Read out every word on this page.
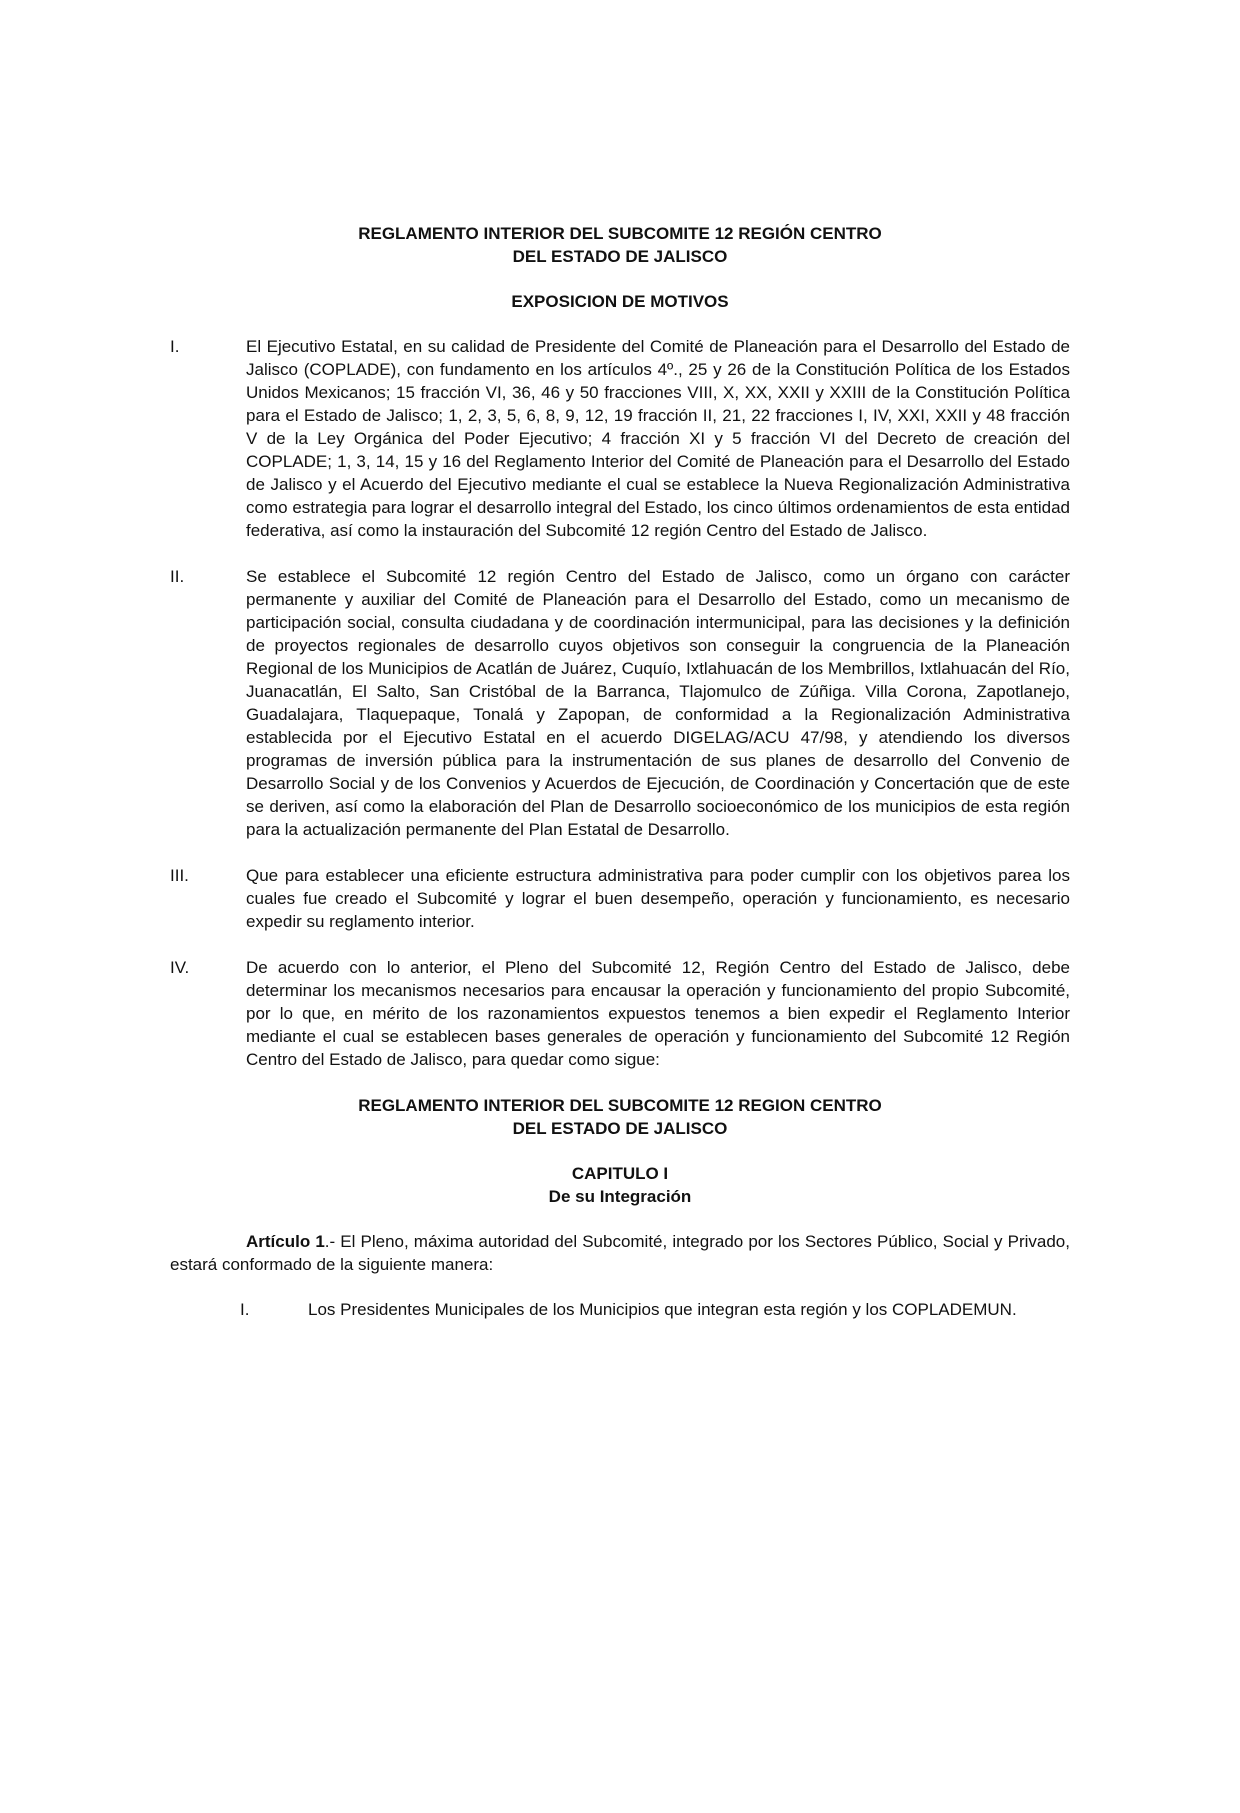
REGLAMENTO INTERIOR DEL SUBCOMITE 12 REGIÓN CENTRO

DEL ESTADO DE JALISCO

EXPOSICION DE MOTIVOS

I.	El Ejecutivo Estatal, en su calidad de Presidente del Comité de Planeación para el Desarrollo del Estado de Jalisco (COPLADE), con fundamento en los artículos 4º., 25 y 26 de la Constitución Política de los Estados Unidos Mexicanos; 15 fracción VI, 36, 46 y 50 fracciones VIII, X, XX, XXII y XXIII de la Constitución Política para el Estado de Jalisco; 1, 2, 3, 5, 6, 8, 9, 12, 19 fracción II, 21, 22 fracciones I, IV, XXI, XXII y 48 fracción V de la Ley Orgánica del Poder Ejecutivo; 4 fracción XI y 5 fracción VI del Decreto de creación del COPLADE; 1, 3, 14, 15 y 16 del Reglamento Interior del Comité de Planeación para el Desarrollo del Estado de Jalisco y el Acuerdo del Ejecutivo mediante el cual se establece la Nueva Regionalización Administrativa como estrategia para lograr el desarrollo integral del Estado, los cinco últimos ordenamientos de esta entidad federativa, así como la instauración del Subcomité 12 región Centro del Estado de Jalisco.
II.	Se establece el Subcomité 12 región Centro del Estado de Jalisco, como un órgano con carácter permanente y auxiliar del Comité de Planeación para el Desarrollo del Estado, como un mecanismo de participación social, consulta ciudadana y de coordinación intermunicipal, para las decisiones y la definición de proyectos regionales de desarrollo cuyos objetivos son conseguir la congruencia de la Planeación Regional de los Municipios de Acatlán de Juárez, Cuquío, Ixtlahuacán de los Membrillos, Ixtlahuacán del Río, Juanacatlán, El Salto, San Cristóbal de la Barranca, Tlajomulco de Zúñiga. Villa Corona, Zapotlanejo, Guadalajara, Tlaquepaque, Tonalá y Zapopan, de conformidad a la Regionalización Administrativa establecida por el Ejecutivo Estatal en el acuerdo DIGELAG/ACU 47/98, y atendiendo los diversos programas de inversión pública para la instrumentación de sus planes de desarrollo del Convenio de Desarrollo Social y de los Convenios y Acuerdos de Ejecución, de Coordinación y Concertación que de este se deriven, así como la elaboración del Plan de Desarrollo socioeconómico de los municipios de esta región para la actualización permanente del Plan Estatal de Desarrollo.
III.	Que para establecer una eficiente estructura administrativa para poder cumplir con los objetivos parea los cuales fue creado el Subcomité y lograr el buen desempeño, operación y funcionamiento, es necesario expedir su reglamento interior.
IV.	De acuerdo con lo anterior, el Pleno del Subcomité 12, Región Centro del Estado de Jalisco, debe determinar los mecanismos necesarios para encausar la operación y funcionamiento del propio Subcomité, por lo que, en mérito de los razonamientos expuestos tenemos a bien expedir el Reglamento Interior mediante el cual se establecen bases generales de operación y funcionamiento del Subcomité 12 Región Centro del Estado de Jalisco, para quedar como sigue:

REGLAMENTO INTERIOR DEL SUBCOMITE 12 REGION CENTRO

DEL ESTADO DE JALISCO

CAPITULO I

De su Integración

Artículo 1.- El Pleno, máxima autoridad del Subcomité, integrado por los Sectores Público, Social y Privado, estará conformado de la siguiente manera:

I.	Los Presidentes Municipales de los Municipios que integran esta región y los COPLADEMUN.
